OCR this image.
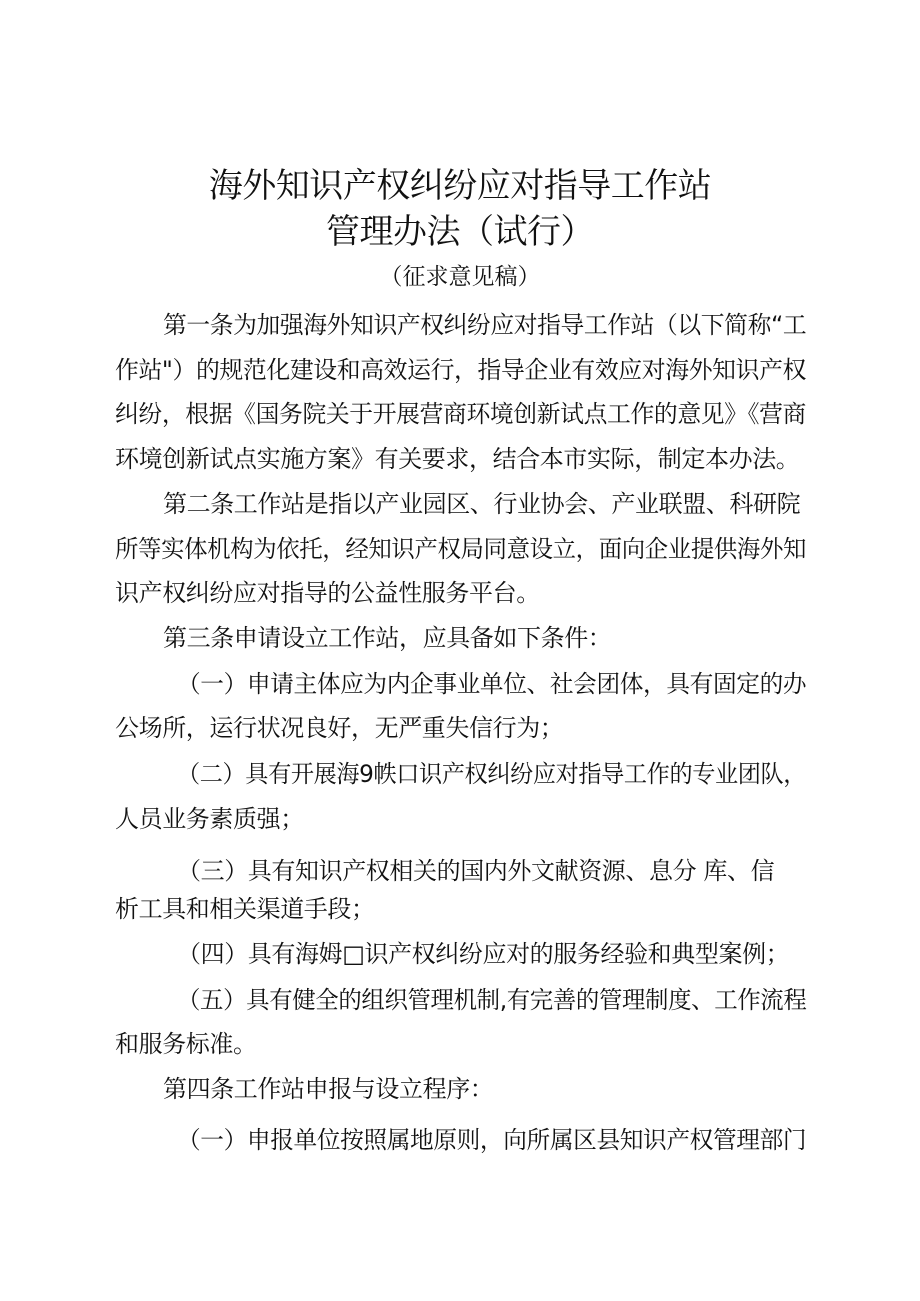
海外知识产权纠纷应对指导工作站
管理办法（试行）
（征求意见稿）
第一条为加强海外知识产权纠纷应对指导工作站（以下简称“工
作站"）的规范化建设和高效运行，指导企业有效应对海外知识产权
纠纷，根据《国务院关于开展营商环境创新试点工作的意见》《营商
环境创新试点实施方案》有关要求，结合本市实际，制定本办法。
第二条工作站是指以产业园区、行业协会、产业联盟、科研院
所等实体机构为依托，经知识产权局同意设立，面向企业提供海外知
识产权纠纷应对指导的公益性服务平台。
第三条申请设立工作站，应具备如下条件：
（一）申请主体应为内企事业单位、社会团体，具有固定的办
公场所，运行状况良好，无严重失信行为；
（二）具有开展海9帙口识产权纠纷应对指导工作的专业团队，
人员业务素质强；
（三）具有知识产权相关的国内外文献资源、息分 库、信
析工具和相关渠道手段；
（四）具有海姆□识产权纠纷应对的服务经验和典型案例；
（五）具有健全的组织管理机制,有完善的管理制度、工作流程
和服务标准。
第四条工作站申报与设立程序：
（一）申报单位按照属地原则，向所属区县知识产权管理部门
